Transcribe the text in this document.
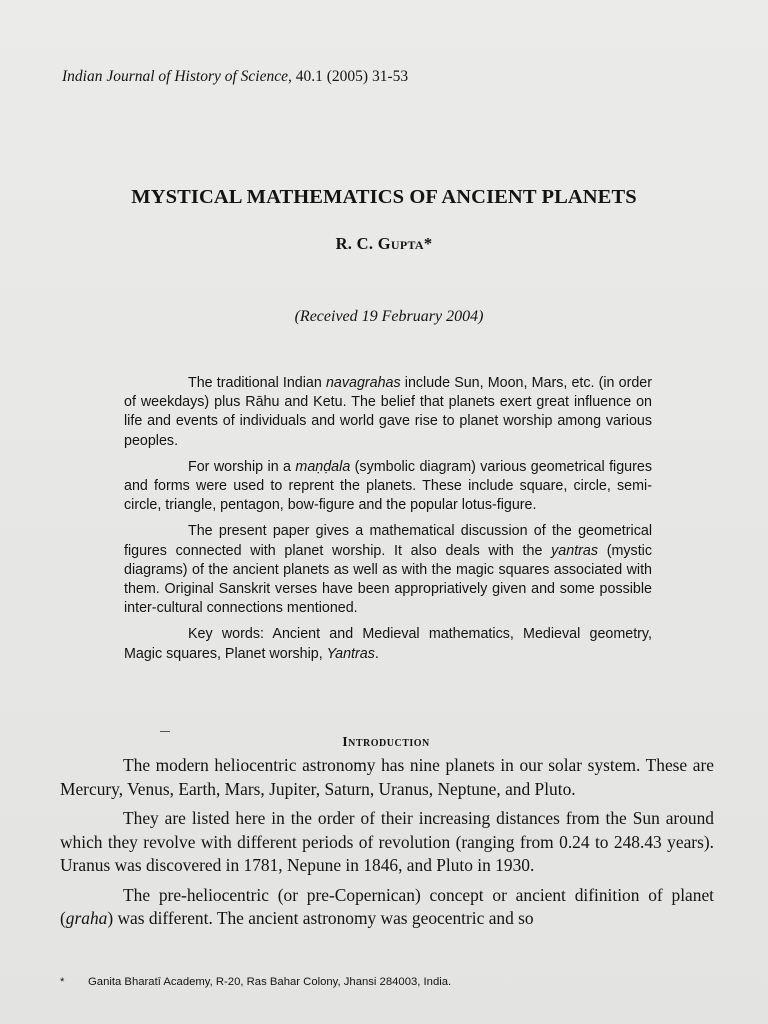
Indian Journal of History of Science, 40.1 (2005) 31-53
MYSTICAL MATHEMATICS OF ANCIENT PLANETS
R. C. Gupta*
(Received 19 February 2004)

The traditional Indian navagrahas include Sun, Moon, Mars, etc. (in order of weekdays) plus Rāhu and Ketu. The belief that planets exert great influence on life and events of individuals and world gave rise to planet worship among various peoples.

For worship in a maṇḍala (symbolic diagram) various geometrical figures and forms were used to reprent the planets. These include square, circle, semi-circle, triangle, pentagon, bow-figure and the popular lotus-figure.

The present paper gives a mathematical discussion of the geometrical figures connected with planet worship. It also deals with the yantras (mystic diagrams) of the ancient planets as well as with the magic squares associated with them. Original Sanskrit verses have been appropriatively given and some possible inter-cultural connections mentioned.

Key words: Ancient and Medieval mathematics, Medieval geometry, Magic squares, Planet worship, Yantras.

Introduction

The modern heliocentric astronomy has nine planets in our solar system. These are Mercury, Venus, Earth, Mars, Jupiter, Saturn, Uranus, Neptune, and Pluto.

They are listed here in the order of their increasing distances from the Sun around which they revolve with different periods of revolution (ranging from 0.24 to 248.43 years). Uranus was discovered in 1781, Nepune in 1846, and Pluto in 1930.

The pre-heliocentric (or pre-Copernican) concept or ancient difinition of planet (graha) was different. The ancient astronomy was geocentric and so

* Ganita Bharatī Academy, R-20, Ras Bahar Colony, Jhansi 284003, India.
